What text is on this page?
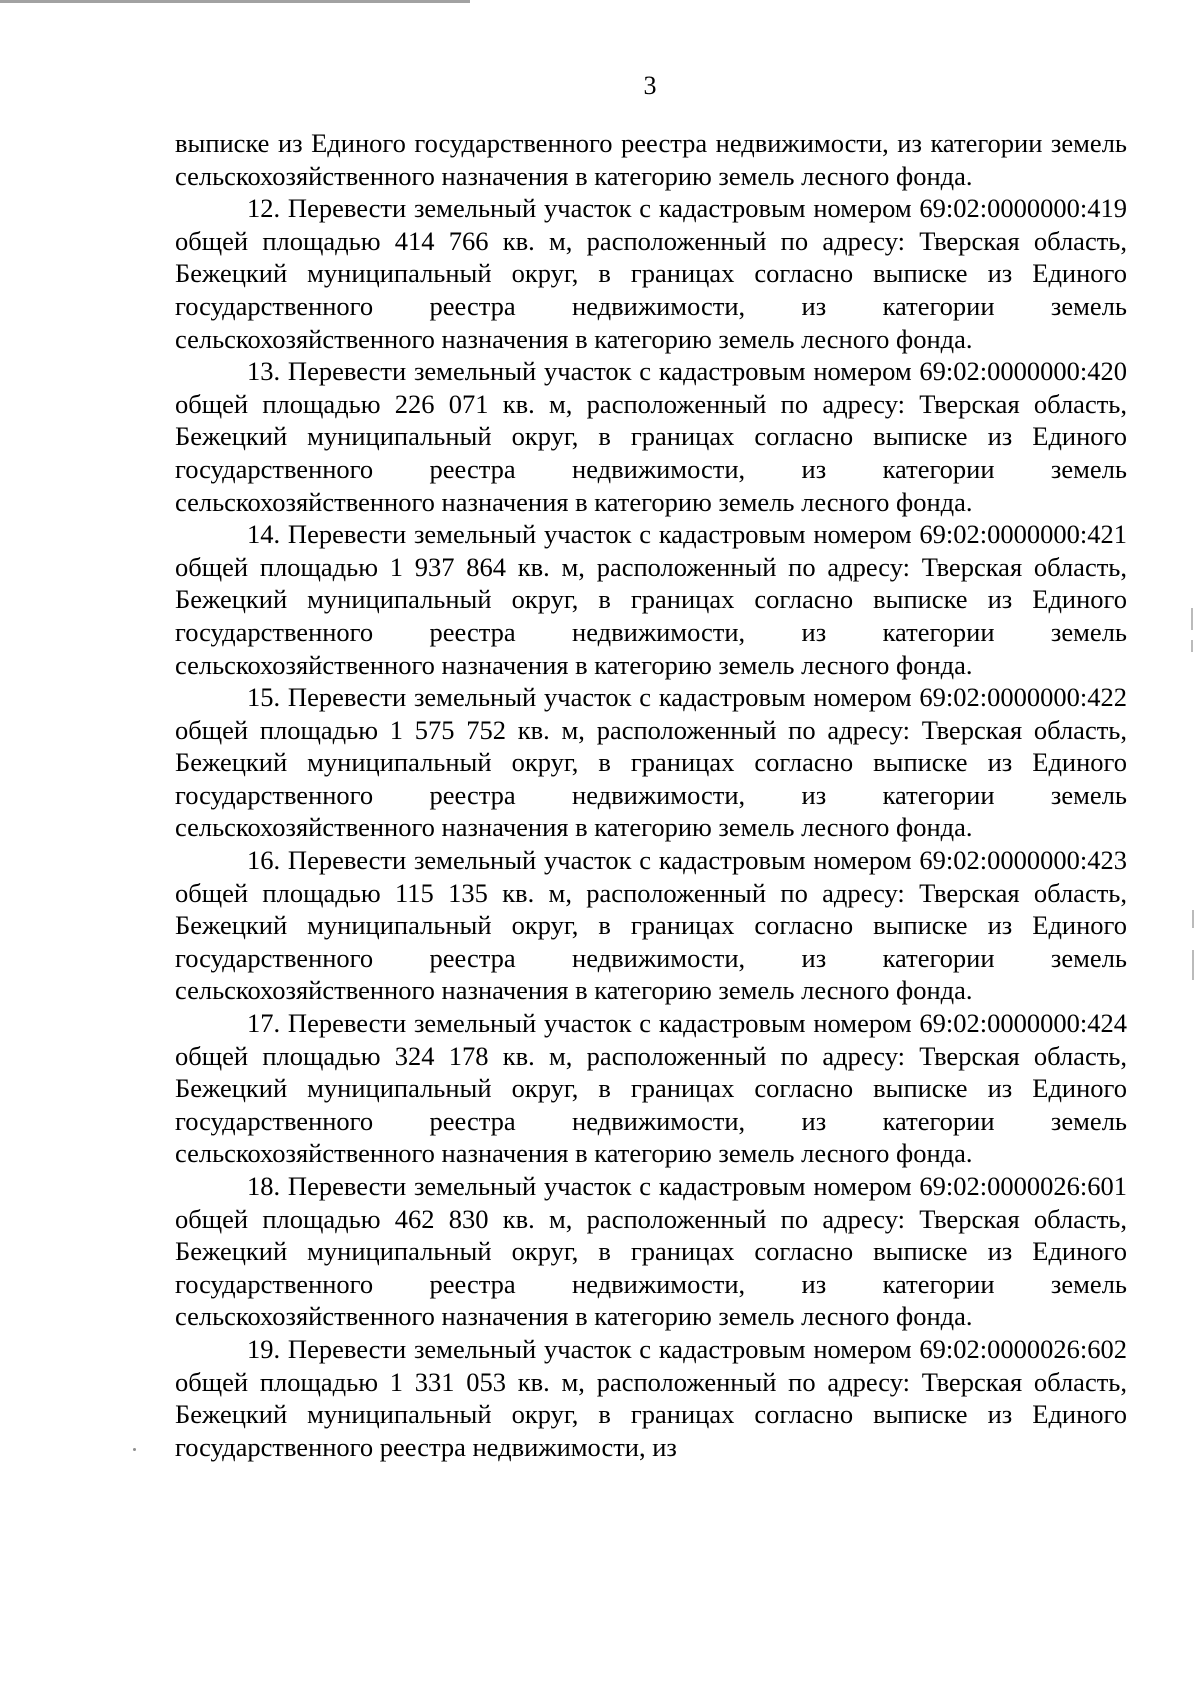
3

выписке из Единого государственного реестра недвижимости, из категории земель сельскохозяйственного назначения в категорию земель лесного фонда.

12. Перевести земельный участок с кадастровым номером 69:02:0000000:419 общей площадью 414 766 кв. м, расположенный по адресу: Тверская область, Бежецкий муниципальный округ, в границах согласно выписке из Единого государственного реестра недвижимости, из категории земель сельскохозяйственного назначения в категорию земель лесного фонда.

13. Перевести земельный участок с кадастровым номером 69:02:0000000:420 общей площадью 226 071 кв. м, расположенный по адресу: Тверская область, Бежецкий муниципальный округ, в границах согласно выписке из Единого государственного реестра недвижимости, из категории земель сельскохозяйственного назначения в категорию земель лесного фонда.

14. Перевести земельный участок с кадастровым номером 69:02:0000000:421 общей площадью 1 937 864 кв. м, расположенный по адресу: Тверская область, Бежецкий муниципальный округ, в границах согласно выписке из Единого государственного реестра недвижимости, из категории земель сельскохозяйственного назначения в категорию земель лесного фонда.

15. Перевести земельный участок с кадастровым номером 69:02:0000000:422 общей площадью 1 575 752 кв. м, расположенный по адресу: Тверская область, Бежецкий муниципальный округ, в границах согласно выписке из Единого государственного реестра недвижимости, из категории земель сельскохозяйственного назначения в категорию земель лесного фонда.

16. Перевести земельный участок с кадастровым номером 69:02:0000000:423 общей площадью 115 135 кв. м, расположенный по адресу: Тверская область, Бежецкий муниципальный округ, в границах согласно выписке из Единого государственного реестра недвижимости, из категории земель сельскохозяйственного назначения в категорию земель лесного фонда.

17. Перевести земельный участок с кадастровым номером 69:02:0000000:424 общей площадью 324 178 кв. м, расположенный по адресу: Тверская область, Бежецкий муниципальный округ, в границах согласно выписке из Единого государственного реестра недвижимости, из категории земель сельскохозяйственного назначения в категорию земель лесного фонда.

18. Перевести земельный участок с кадастровым номером 69:02:0000026:601 общей площадью 462 830 кв. м, расположенный по адресу: Тверская область, Бежецкий муниципальный округ, в границах согласно выписке из Единого государственного реестра недвижимости, из категории земель сельскохозяйственного назначения в категорию земель лесного фонда.

19. Перевести земельный участок с кадастровым номером 69:02:0000026:602 общей площадью 1 331 053 кв. м, расположенный по адресу: Тверская область, Бежецкий муниципальный округ, в границах согласно выписке из Единого государственного реестра недвижимости, из
